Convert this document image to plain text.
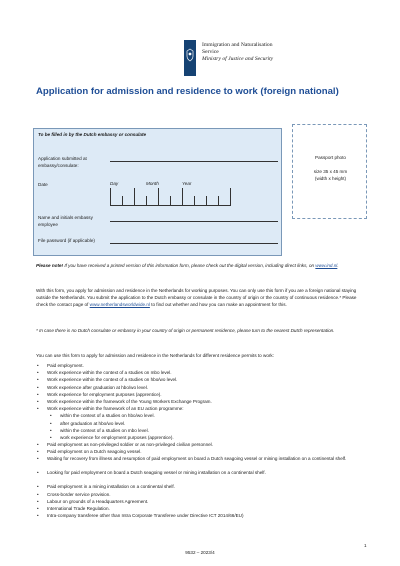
Immigration and Naturalisation
Service
Ministry of Justice and Security
Application for admission and residence to work (foreign national)
To be filled in by the Dutch embassy or consulate
Application submitted at embassy/consulate:
Date	Day	Month	Year
Name and initials embassy employee
File password (if applicable)
Passport photo
size 35 x 45 mm
(width x height)
Please note! If you have received a printed version of this information form, please check out the digital version, including direct links, on www.ind.nl.
With this form, you apply for admission and residence in the Netherlands for working purposes. You can only use this form if you are a foreign national staying outside the Netherlands. You submit the application to the Dutch embassy or consulate in the country of origin or the country of continuous residence.* Please check the contact page of www.netherlandsworldwide.nl to find out whether and how you can make an appointment for this.
* In case there is no Dutch consulate or embassy in your country of origin or permanent residence, please turn to the nearest Dutch representation.
You can use this form to apply for admission and residence in the Netherlands for different residence permits to work:
• Paid employment.
• Work experience within the context of a studies on mbo level.
• Work experience within the context of a studies on hbo/wo level.
• Work experience after graduation at hbo/wo level.
• Work experience for employment purposes (apprentice).
• Work experience within the framework of the Young Workers Exchange Program.
• Work experience within the framework of an EU action programme:
• within the context of a studies on hbo/wo level.
• after graduation at hbo/wo level.
• within the context of a studies on mbo level.
• work experience for employment purposes (apprentice).
• Paid employment as non-privileged soldier or as non-privileged civilian personnel.
• Paid employment on a Dutch seagoing vessel.
• Waiting for recovery from illness and resumption of paid employment on board a Dutch seagoing vessel or mining installation on a continental shelf.
• Looking for paid employment on board a Dutch seagoing vessel or mining installation on a continental shelf.
• Paid employment in a mining installation on a continental shelf.
• Cross-border service provision.
• Labour on grounds of a Headquarters Agreement.
• International Trade Regulation.
• Intra-company transferee other than Intra Corporate Transferee under Directive ICT 2014/66/EU)
1
9532 – 2023/4
